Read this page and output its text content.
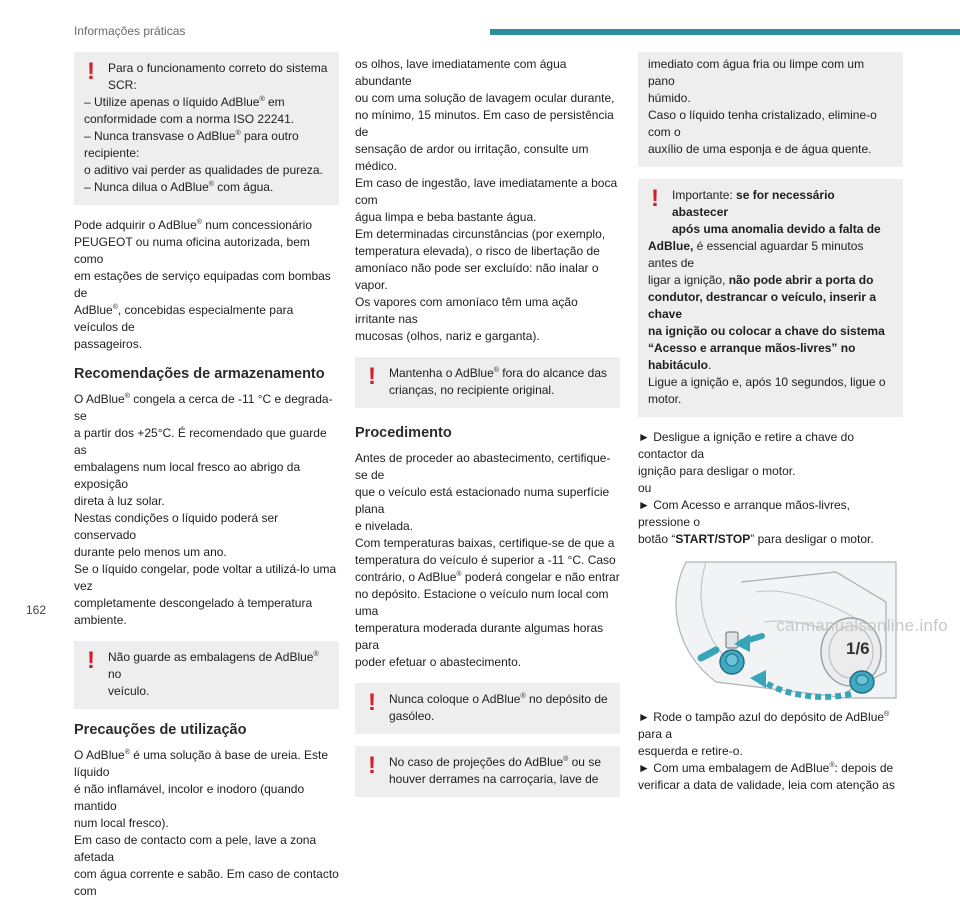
Informações práticas
! Para o funcionamento correto do sistema

SCR:

– Utilize apenas o líquido AdBlue® em

conformidade com a norma ISO 22241.

– Nunca transvase o AdBlue® para outro recipiente:

o aditivo vai perder as qualidades de pureza.

– Nunca dilua o AdBlue® com água.

Pode adquirir o AdBlue® num concessionário

PEUGEOT ou numa oficina autorizada, bem como

em estações de serviço equipadas com bombas de

AdBlue®, concebidas especialmente para veículos de

passageiros.

Recomendações de armazenamento

O AdBlue® congela a cerca de -11 °C e degrada-se

a partir dos +25°C. É recomendado que guarde as

embalagens num local fresco ao abrigo da exposição

direta à luz solar.

Nestas condições o líquido poderá ser conservado

durante pelo menos um ano.

Se o líquido congelar, pode voltar a utilizá-lo uma vez

completamente descongelado à temperatura ambiente.

! Não guarde as embalagens de AdBlue® no

veículo.

Precauções de utilização

O AdBlue® é uma solução à base de ureia. Este líquido

é não inflamável, incolor e inodoro (quando mantido

num local fresco).

Em caso de contacto com a pele, lave a zona afetada

com água corrente e sabão. Em caso de contacto com

os olhos, lave imediatamente com água abundante

ou com uma solução de lavagem ocular durante,

no mínimo, 15 minutos. Em caso de persistência de

sensação de ardor ou irritação, consulte um médico.

Em caso de ingestão, lave imediatamente a boca com

água limpa e beba bastante água.

Em determinadas circunstâncias (por exemplo,

temperatura elevada), o risco de libertação de

amoníaco não pode ser excluído: não inalar o vapor.

Os vapores com amoníaco têm uma ação irritante nas

mucosas (olhos, nariz e garganta).

! Mantenha o AdBlue® fora do alcance das

crianças, no recipiente original.

Procedimento

Antes de proceder ao abastecimento, certifique-se de

que o veículo está estacionado numa superfície plana

e nivelada.

Com temperaturas baixas, certifique-se de que a

temperatura do veículo é superior a -11 °C. Caso

contrário, o AdBlue® poderá congelar e não entrar

no depósito. Estacione o veículo num local com uma

temperatura moderada durante algumas horas para

poder efetuar o abastecimento.

! Nunca coloque o AdBlue® no depósito de

gasóleo.

! No caso de projeções do AdBlue® ou se

houver derrames na carroçaria, lave de

imediato com água fria ou limpe com um pano

húmido.

Caso o líquido tenha cristalizado, elimine-o com o

auxílio de uma esponja e de água quente.

! Importante: se for necessário abastecer

após uma anomalia devido a falta de

AdBlue, é essencial aguardar 5 minutos antes de

ligar a ignição, não pode abrir a porta do

condutor, destrancar o veículo, inserir a chave

na ignição ou colocar a chave do sistema

“Acesso e arranque mãos-livres” no habitáculo.

Ligue a ignição e, após 10 segundos, ligue o motor.

► Desligue a ignição e retire a chave do contactor da

ignição para desligar o motor.

ou

► Com Acesso e arranque mãos-livres, pressione o

botão “START/STOP” para desligar o motor.

1/6

► Rode o tampão azul do depósito de AdBlue® para a

esquerda e retire-o.

► Com uma embalagem de AdBlue®: depois de

verificar a data de validade, leia com atenção as

162
carmanualsonline.info
